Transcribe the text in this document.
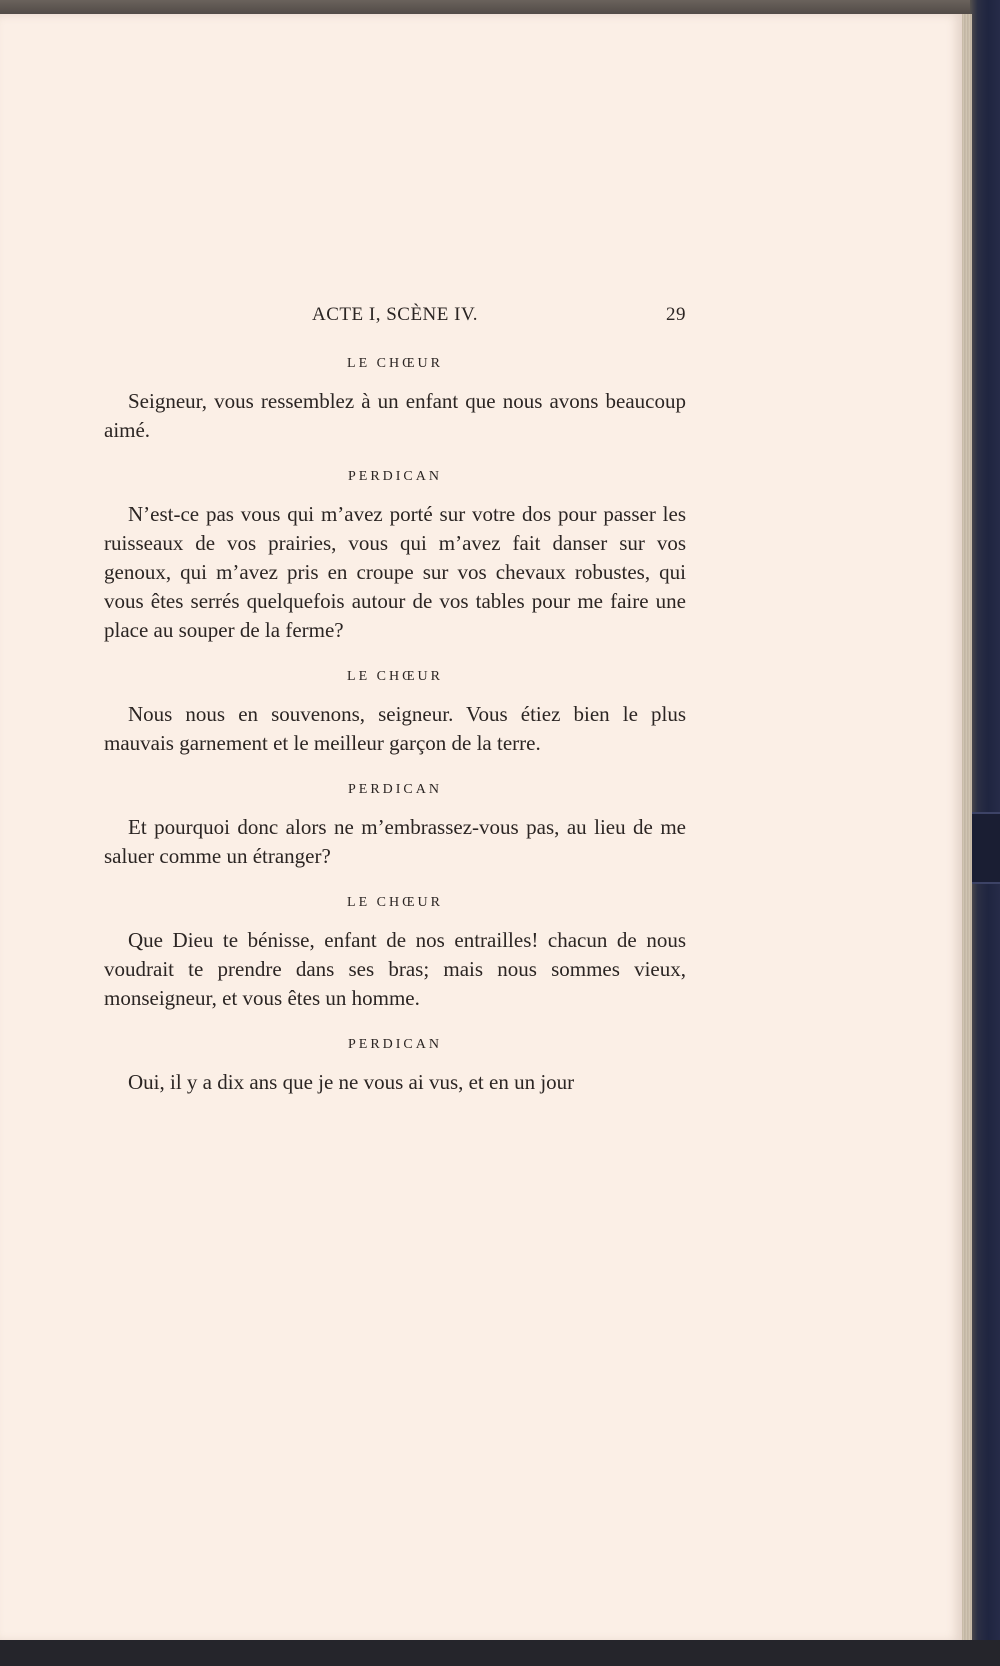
ACTE I, SCÈNE IV.	29
LE CHŒUR

Seigneur, vous ressemblez à un enfant que nous avons beaucoup aimé.

PERDICAN

N’est-ce pas vous qui m’avez porté sur votre dos pour passer les ruisseaux de vos prairies, vous qui m’avez fait danser sur vos genoux, qui m’avez pris en croupe sur vos chevaux robustes, qui vous êtes serrés quelquefois autour de vos tables pour me faire une place au souper de la ferme?

LE CHŒUR

Nous nous en souvenons, seigneur. Vous étiez bien le plus mauvais garnement et le meilleur garçon de la terre.

PERDICAN

Et pourquoi donc alors ne m’embrassez-vous pas, au lieu de me saluer comme un étranger?

LE CHŒUR

Que Dieu te bénisse, enfant de nos entrailles! chacun de nous voudrait te prendre dans ses bras; mais nous sommes vieux, monseigneur, et vous êtes un homme.

PERDICAN

Oui, il y a dix ans que je ne vous ai vus, et en un jour
